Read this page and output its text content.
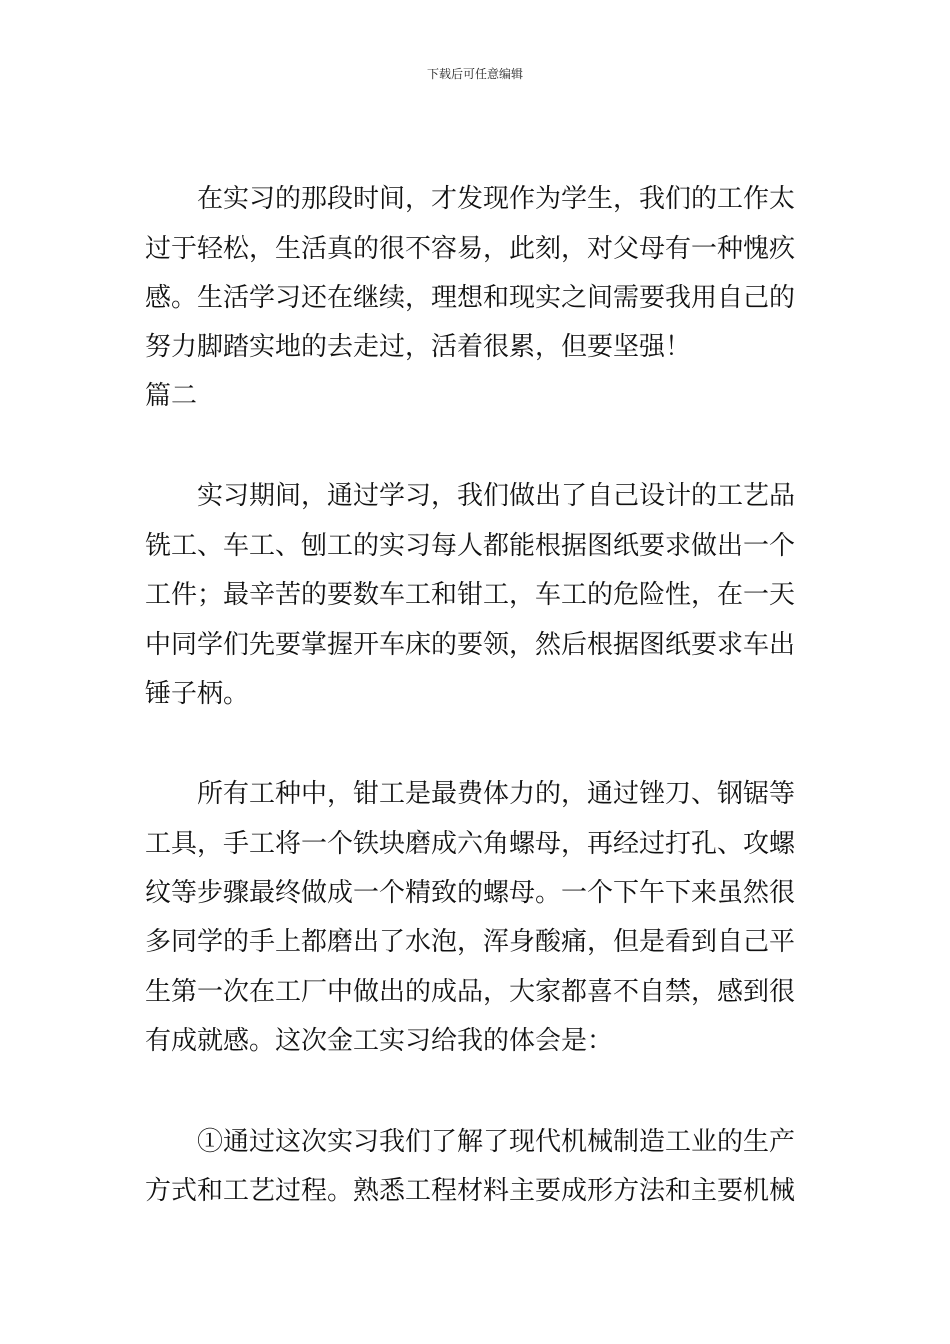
下载后可任意编辑
　　在实习的那段时间，才发现作为学生，我们的工作太
过于轻松，生活真的很不容易，此刻，对父母有一种愧疚
感。生活学习还在继续，理想和现实之间需要我用自己的
努力脚踏实地的去走过，活着很累，但要坚强！
篇二
　　实习期间，通过学习，我们做出了自己设计的工艺品
铣工、车工、刨工的实习每人都能根据图纸要求做出一个
工件；最辛苦的要数车工和钳工，车工的危险性，在一天
中同学们先要掌握开车床的要领，然后根据图纸要求车出
锤子柄。
　　所有工种中，钳工是最费体力的，通过锉刀、钢锯等
工具，手工将一个铁块磨成六角螺母，再经过打孔、攻螺
纹等步骤最终做成一个精致的螺母。一个下午下来虽然很
多同学的手上都磨出了水泡，浑身酸痛，但是看到自己平
生第一次在工厂中做出的成品，大家都喜不自禁，感到很
有成就感。这次金工实习给我的体会是：
　　①通过这次实习我们了解了现代机械制造工业的生产
方式和工艺过程。熟悉工程材料主要成形方法和主要机械
